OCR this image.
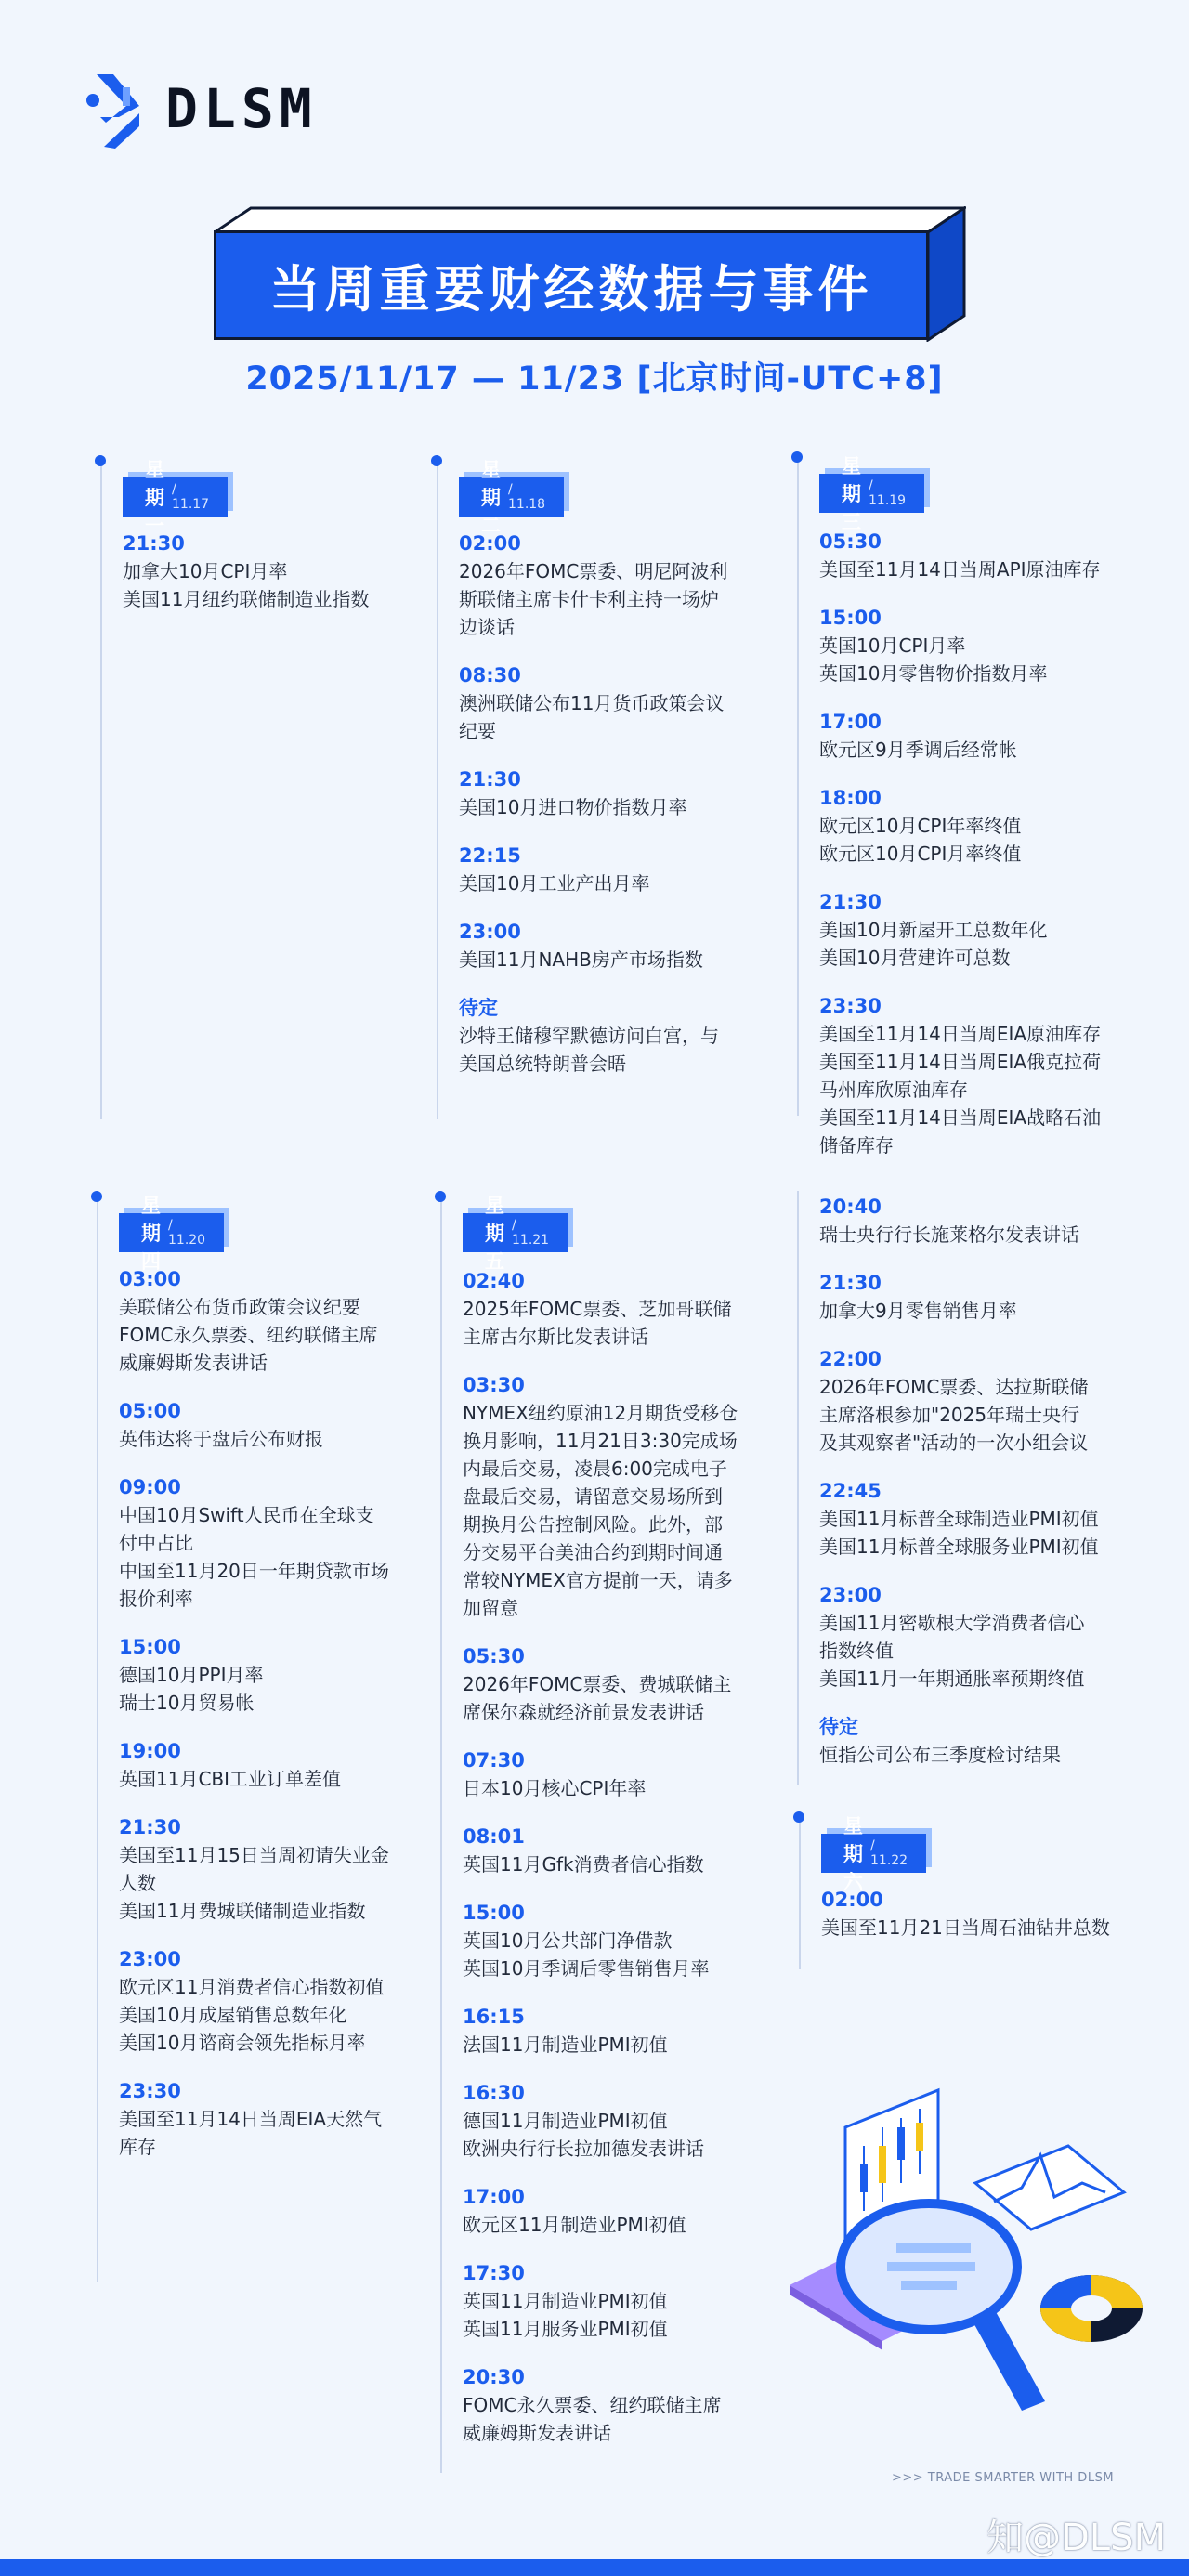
DLSM
当周重要财经数据与事件
2025/11/17 — 11/23 [北京时间-UTC+8]
星期一
/ 11.17
21:30
加拿大10月CPI月率
美国11月纽约联储制造业指数
星期二
/ 11.18
02:00
2026年FOMC票委、明尼阿波利
斯联储主席卡什卡利主持一场炉
边谈话
08:30
澳洲联储公布11月货币政策会议
纪要
21:30
美国10月进口物价指数月率
22:15
美国10月工业产出月率
23:00
美国11月NAHB房产市场指数
待定
沙特王储穆罕默德访问白宫，与
美国总统特朗普会晤
星期三
/ 11.19
05:30
美国至11月14日当周API原油库存
15:00
英国10月CPI月率
英国10月零售物价指数月率
17:00
欧元区9月季调后经常帐
18:00
欧元区10月CPI年率终值
欧元区10月CPI月率终值
21:30
美国10月新屋开工总数年化
美国10月营建许可总数
23:30
美国至11月14日当周EIA原油库存
美国至11月14日当周EIA俄克拉荷
马州库欣原油库存
美国至11月14日当周EIA战略石油
储备库存
星期四
/ 11.20
03:00
美联储公布货币政策会议纪要
FOMC永久票委、纽约联储主席
威廉姆斯发表讲话
05:00
英伟达将于盘后公布财报
09:00
中国10月Swift人民币在全球支
付中占比
中国至11月20日一年期贷款市场
报价利率
15:00
德国10月PPI月率
瑞士10月贸易帐
19:00
英国11月CBI工业订单差值
21:30
美国至11月15日当周初请失业金
人数
美国11月费城联储制造业指数
23:00
欧元区11月消费者信心指数初值
美国10月成屋销售总数年化
美国10月谘商会领先指标月率
23:30
美国至11月14日当周EIA天然气
库存
星期五
/ 11.21
02:40
2025年FOMC票委、芝加哥联储
主席古尔斯比发表讲话
03:30
NYMEX纽约原油12月期货受移仓
换月影响，11月21日3:30完成场
内最后交易，凌晨6:00完成电子
盘最后交易，请留意交易场所到
期换月公告控制风险。此外，部
分交易平台美油合约到期时间通
常较NYMEX官方提前一天，请多
加留意
05:30
2026年FOMC票委、费城联储主
席保尔森就经济前景发表讲话
07:30
日本10月核心CPI年率
08:01
英国11月Gfk消费者信心指数
15:00
英国10月公共部门净借款
英国10月季调后零售销售月率
16:15
法国11月制造业PMI初值
16:30
德国11月制造业PMI初值
欧洲央行行长拉加德发表讲话
17:00
欧元区11月制造业PMI初值
17:30
英国11月制造业PMI初值
英国11月服务业PMI初值
20:30
FOMC永久票委、纽约联储主席
威廉姆斯发表讲话
20:40
瑞士央行行长施莱格尔发表讲话
21:30
加拿大9月零售销售月率
22:00
2026年FOMC票委、达拉斯联储
主席洛根参加"2025年瑞士央行
及其观察者"活动的一次小组会议
22:45
美国11月标普全球制造业PMI初值
美国11月标普全球服务业PMI初值
23:00
美国11月密歇根大学消费者信心
指数终值
美国11月一年期通胀率预期终值
待定
恒指公司公布三季度检讨结果
星期六
/ 11.22
02:00
美国至11月21日当周石油钻井总数
>>> TRADE SMARTER WITH DLSM
知@DLSM
